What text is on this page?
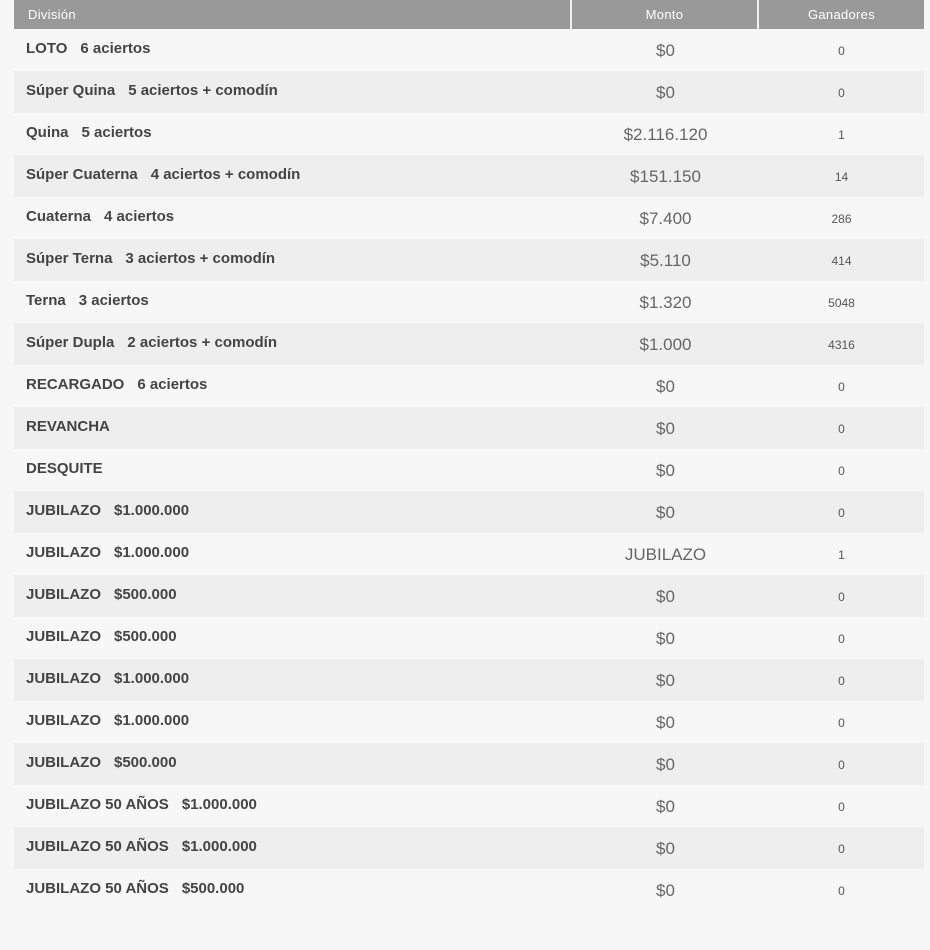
División	Monto	Ganadores
LOTO 6 aciertos	$0	0
Súper Quina 5 aciertos + comodín	$0	0
Quina 5 aciertos	$2.116.120	1
Súper Cuaterna 4 aciertos + comodín	$151.150	14
Cuaterna 4 aciertos	$7.400	286
Súper Terna 3 aciertos + comodín	$5.110	414
Terna 3 aciertos	$1.320	5048
Súper Dupla 2 aciertos + comodín	$1.000	4316
RECARGADO 6 aciertos	$0	0
REVANCHA	$0	0
DESQUITE	$0	0
JUBILAZO $1.000.000	$0	0
JUBILAZO $1.000.000	JUBILAZO	1
JUBILAZO $500.000	$0	0
JUBILAZO $500.000	$0	0
JUBILAZO $1.000.000	$0	0
JUBILAZO $1.000.000	$0	0
JUBILAZO $500.000	$0	0
JUBILAZO 50 AÑOS $1.000.000	$0	0
JUBILAZO 50 AÑOS $1.000.000	$0	0
JUBILAZO 50 AÑOS $500.000	$0	0
